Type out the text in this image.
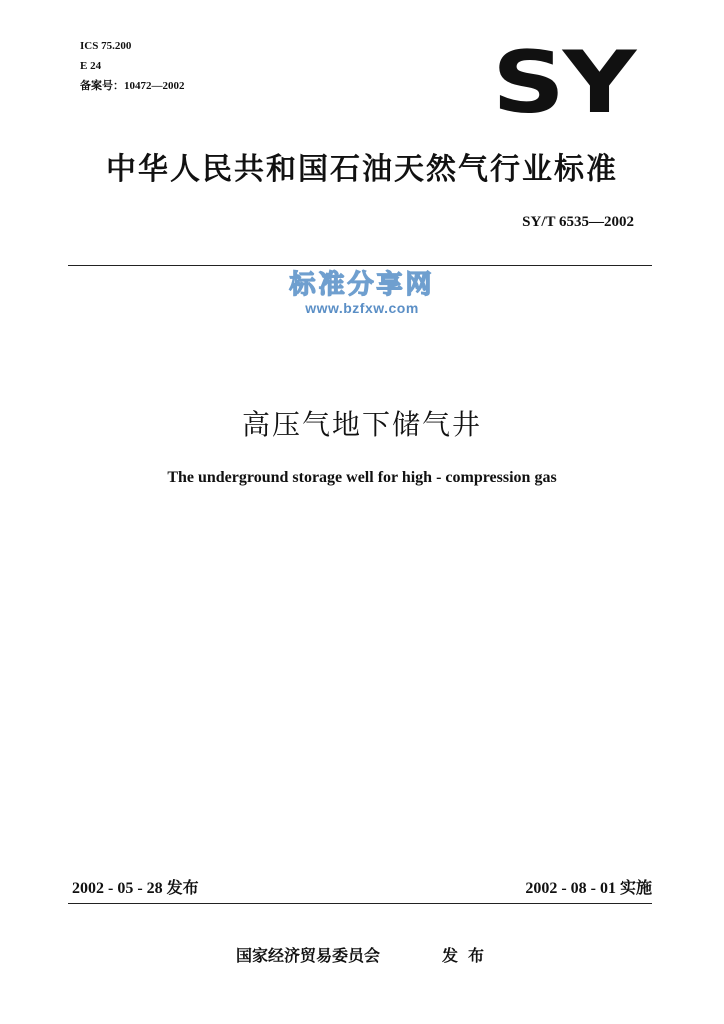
ICS 75.200
E 24
备案号：10472—2002	SY
中华人民共和国石油天然气行业标准
SY/T 6535—2002
标准分享网
www.bzfxw.com
高压气地下储气井
The underground storage well for high - compression gas
2002 - 05 - 28 发布	2002 - 08 - 01 实施
国家经济贸易委员会	发布
